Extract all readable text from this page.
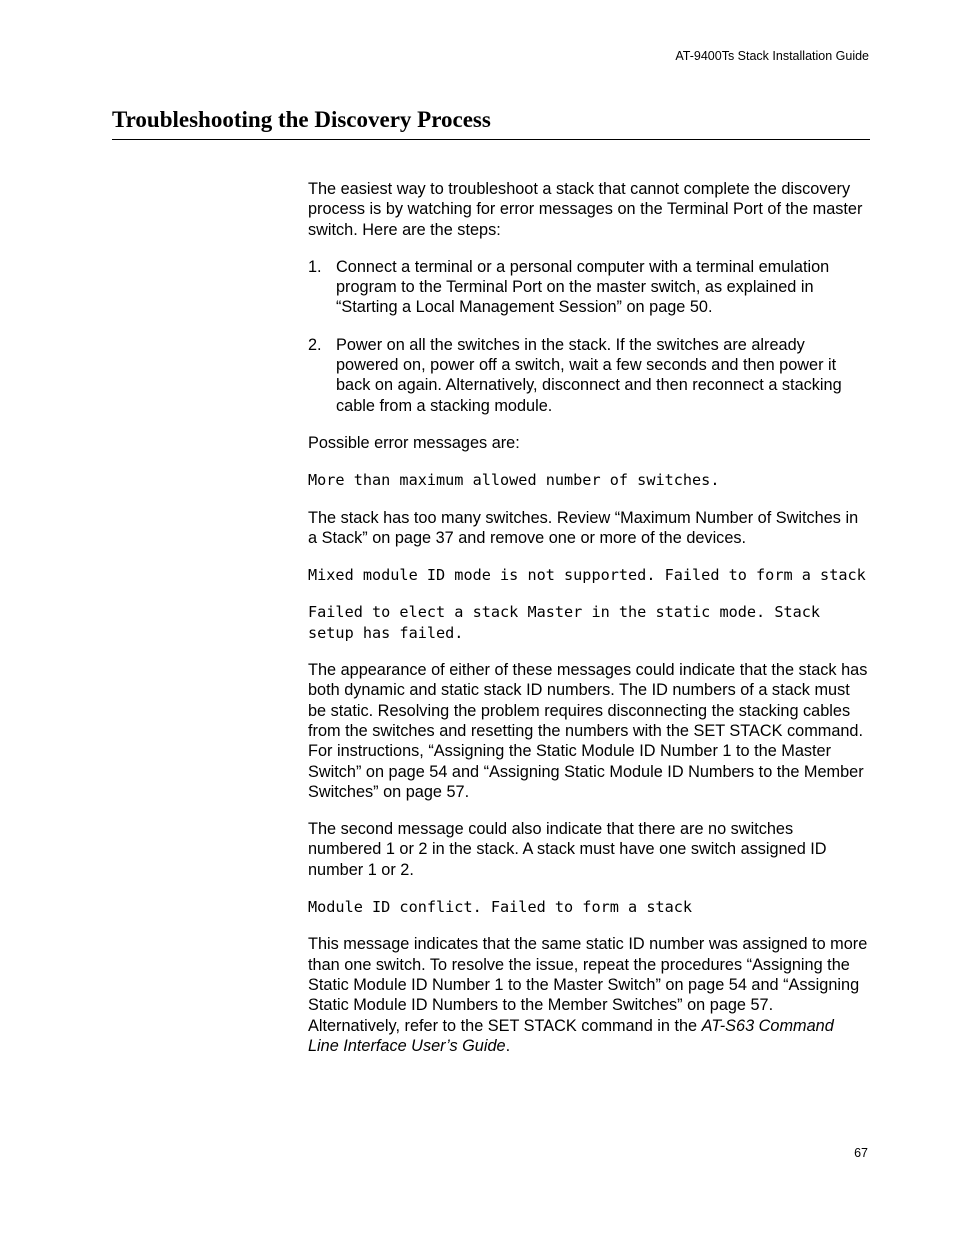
AT-9400Ts Stack Installation Guide
Troubleshooting the Discovery Process

The easiest way to troubleshoot a stack that cannot complete the discovery process is by watching for error messages on the Terminal Port of the master switch. Here are the steps:

1. Connect a terminal or a personal computer with a terminal emulation program to the Terminal Port on the master switch, as explained in “Starting a Local Management Session” on page 50.
2. Power on all the switches in the stack. If the switches are already powered on, power off a switch, wait a few seconds and then power it back on again. Alternatively, disconnect and then reconnect a stacking cable from a stacking module.

Possible error messages are:

More than maximum allowed number of switches.

The stack has too many switches. Review “Maximum Number of Switches in a Stack” on page 37 and remove one or more of the devices.

Mixed module ID mode is not supported. Failed to form a stack
Failed to elect a stack Master in the static mode. Stack setup has failed.

The appearance of either of these messages could indicate that the stack has both dynamic and static stack ID numbers. The ID numbers of a stack must be static. Resolving the problem requires disconnecting the stacking cables from the switches and resetting the numbers with the SET STACK command. For instructions, “Assigning the Static Module ID Number 1 to the Master Switch” on page 54 and “Assigning Static Module ID Numbers to the Member Switches” on page 57.

The second message could also indicate that there are no switches numbered 1 or 2 in the stack. A stack must have one switch assigned ID number 1 or 2.

Module ID conflict. Failed to form a stack

This message indicates that the same static ID number was assigned to more than one switch. To resolve the issue, repeat the procedures “Assigning the Static Module ID Number 1 to the Master Switch” on page 54 and “Assigning Static Module ID Numbers to the Member Switches” on page 57. Alternatively, refer to the SET STACK command in the AT-S63 Command Line Interface User’s Guide.

67
